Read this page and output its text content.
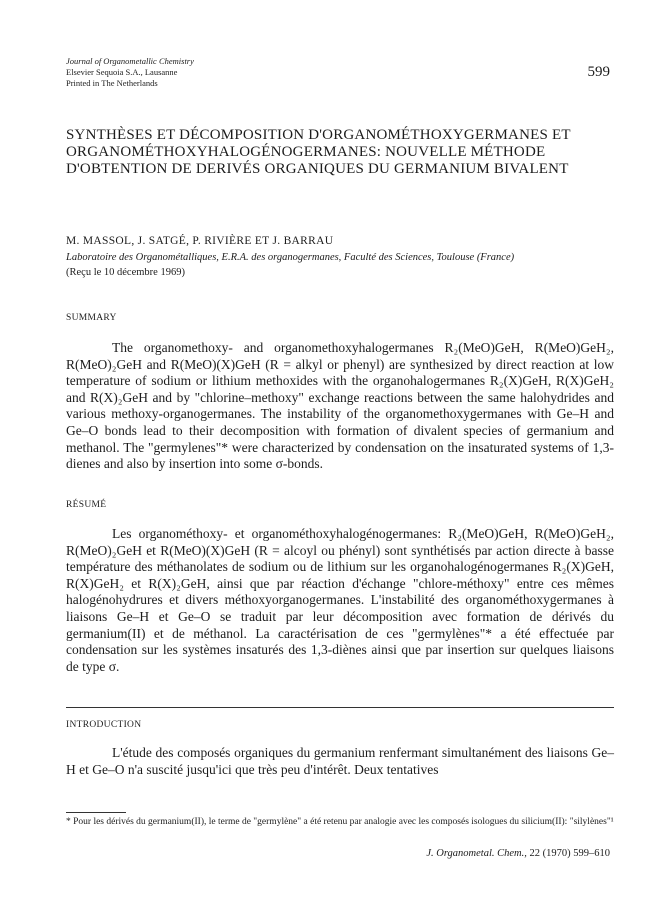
Journal of Organometallic Chemistry
Elsevier Sequoia S.A., Lausanne
Printed in The Netherlands
599
SYNTHÈSES ET DÉCOMPOSITION D'ORGANOMÉTHOXYGERMANES ET ORGANOMÉTHOXYHALOGÉNOGERMANES: NOUVELLE MÉTHODE D'OBTENTION DE DERIVÉS ORGANIQUES DU GERMANIUM BIVALENT
M. MASSOL, J. SATGÉ, P. RIVIÈRE ET J. BARRAU
Laboratoire des Organométalliques, E.R.A. des organogermanes, Faculté des Sciences, Toulouse (France)
(Reçu le 10 décembre 1969)
SUMMARY

The organomethoxy- and organomethoxyhalogermanes R₂(MeO)GeH, R(MeO)GeH₂, R(MeO)₂GeH and R(MeO)(X)GeH (R = alkyl or phenyl) are synthesized by direct reaction at low temperature of sodium or lithium methoxides with the organohalogermanes R₂(X)GeH, R(X)GeH₂ and R(X)₂GeH and by "chlorine–methoxy" exchange reactions between the same halohydrides and various methoxy-organogermanes. The instability of the organomethoxygermanes with Ge–H and Ge–O bonds lead to their decomposition with formation of divalent species of germanium and methanol. The "germylenes"* were characterized by condensation on the insaturated systems of 1,3-dienes and also by insertion into some σ-bonds.

RÉSUMÉ

Les organométhoxy- et organométhoxyhalogénogermanes: R₂(MeO)GeH, R(MeO)GeH₂, R(MeO)₂GeH et R(MeO)(X)GeH (R = alcoyl ou phényl) sont synthétisés par action directe à basse température des méthanolates de sodium ou de lithium sur les organohalogénogermanes R₂(X)GeH, R(X)GeH₂ et R(X)₂GeH, ainsi que par réaction d'échange "chlore-méthoxy" entre ces mêmes halogénohydrures et divers méthoxyorganogermanes. L'instabilité des organométhoxygermanes à liaisons Ge–H et Ge–O se traduit par leur décomposition avec formation de dérivés du germanium(II) et de méthanol. La caractérisation de ces "germylènes"* a été effectuée par condensation sur les systèmes insaturés des 1,3-diènes ainsi que par insertion sur quelques liaisons de type σ.

INTRODUCTION

L'étude des composés organiques du germanium renfermant simultanément des liaisons Ge–H et Ge–O n'a suscité jusqu'ici que très peu d'intérêt. Deux tentatives

* Pour les dérivés du germanium(II), le terme de "germylène" a été retenu par analogie avec les composés isologues du silicium(II): "silylènes"¹

J. Organometal. Chem., 22 (1970) 599–610
